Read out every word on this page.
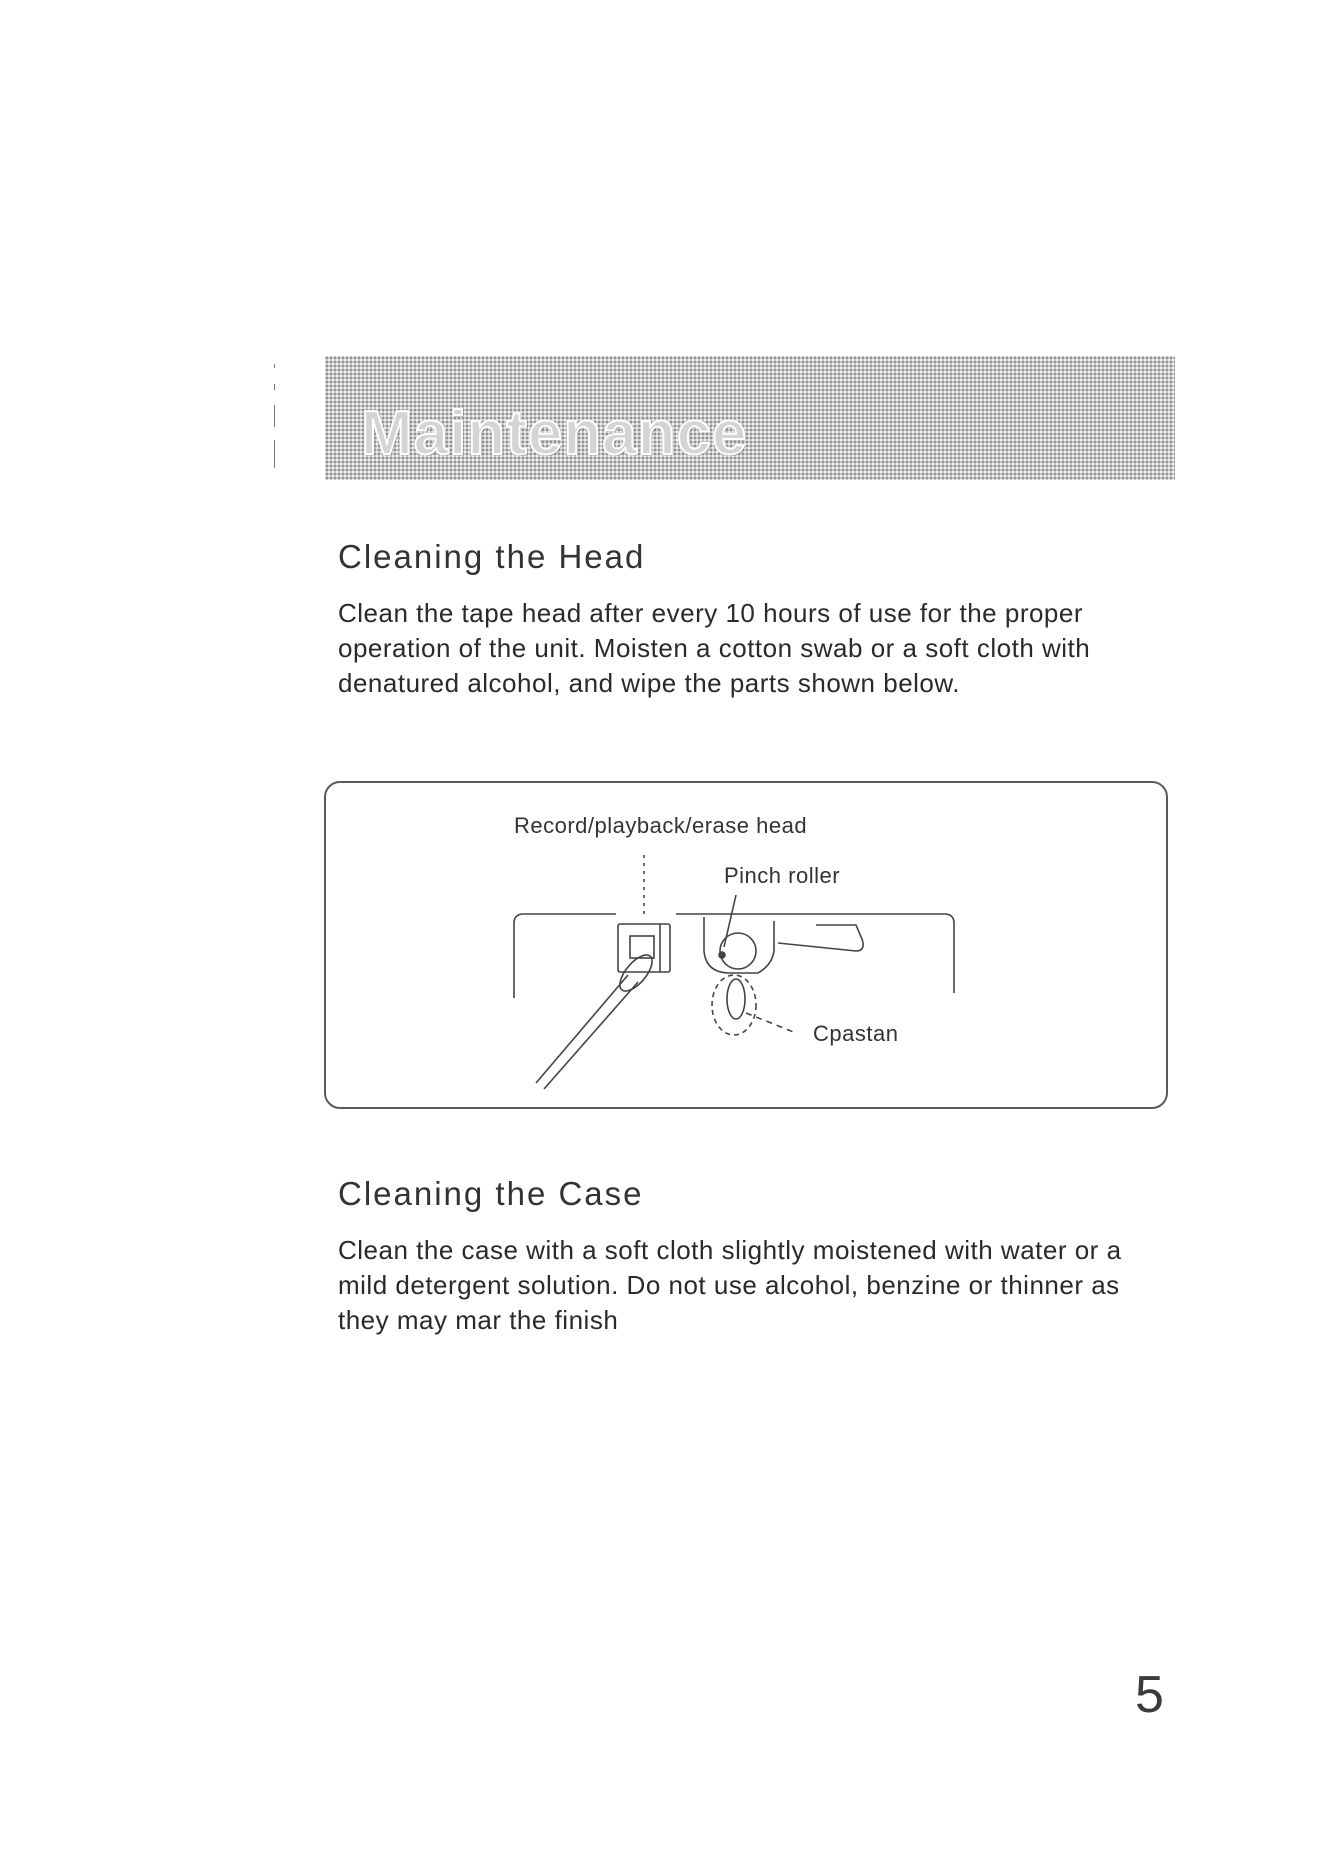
Maintenance
Cleaning the Head

Clean the tape head after every 10 hours of use for the proper operation of the unit. Moisten a cotton swab or a soft cloth with denatured alcohol, and wipe the parts shown below.

Record/playback/erase head
Pinch roller
Cpastan
Cleaning the Case

Clean the case with a soft cloth slightly moistened with water or a mild detergent solution. Do not use alcohol, benzine or thinner as they may mar the finish

5
